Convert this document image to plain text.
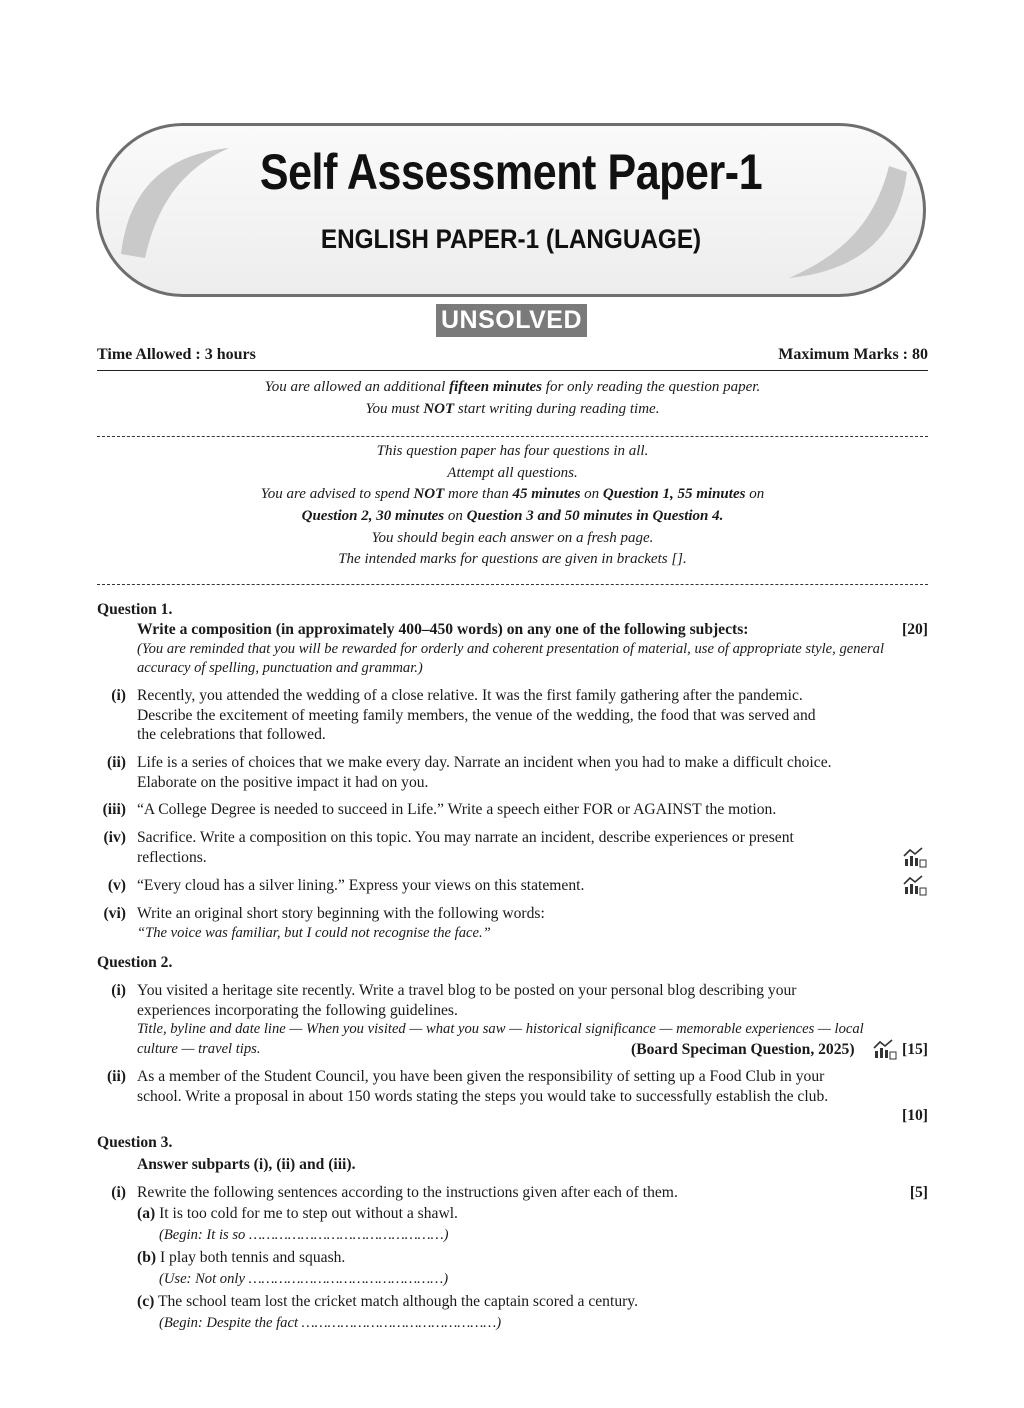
Self Assessment Paper-1
ENGLISH PAPER-1 (LANGUAGE)
UNSOLVED
Time Allowed : 3 hours	Maximum Marks : 80
You are allowed an additional fifteen minutes for only reading the question paper.
You must NOT start writing during reading time.
This question paper has four questions in all.
Attempt all questions.
You are advised to spend NOT more than 45 minutes on Question 1, 55 minutes on
Question 2, 30 minutes on Question 3 and 50 minutes in Question 4.
You should begin each answer on a fresh page.
The intended marks for questions are given in brackets [].
Question 1.
Write a composition (in approximately 400–450 words) on any one of the following subjects:	[20]
(You are reminded that you will be rewarded for orderly and coherent presentation of material, use of appropriate style, general
accuracy of spelling, punctuation and grammar.)
(i) Recently, you attended the wedding of a close relative. It was the first family gathering after the pandemic.
Describe the excitement of meeting family members, the venue of the wedding, the food that was served and
the celebrations that followed.
(ii) Life is a series of choices that we make every day. Narrate an incident when you had to make a difficult choice.
Elaborate on the positive impact it had on you.
(iii) “A College Degree is needed to succeed in Life.” Write a speech either FOR or AGAINST the motion.
(iv) Sacrifice. Write a composition on this topic. You may narrate an incident, describe experiences or present
reflections.
(v) “Every cloud has a silver lining.” Express your views on this statement.
(vi) Write an original short story beginning with the following words:
“The voice was familiar, but I could not recognise the face.”
Question 2.
(i) You visited a heritage site recently. Write a travel blog to be posted on your personal blog describing your
experiences incorporating the following guidelines.
Title, byline and date line — When you visited — what you saw — historical significance — memorable experiences — local
culture — travel tips.	(Board Speciman Question, 2025)	[15]
(ii) As a member of the Student Council, you have been given the responsibility of setting up a Food Club in your
school. Write a proposal in about 150 words stating the steps you would take to successfully establish the club.
[10]
Question 3.
Answer subparts (i), (ii) and (iii).
(i) Rewrite the following sentences according to the instructions given after each of them.	[5]
(a) It is too cold for me to step out without a shawl.
(Begin: It is so ………………………………………)
(b) I play both tennis and squash.
(Use: Not only ………………………………………)
(c) The school team lost the cricket match although the captain scored a century.
(Begin: Despite the fact ………………………………………)
